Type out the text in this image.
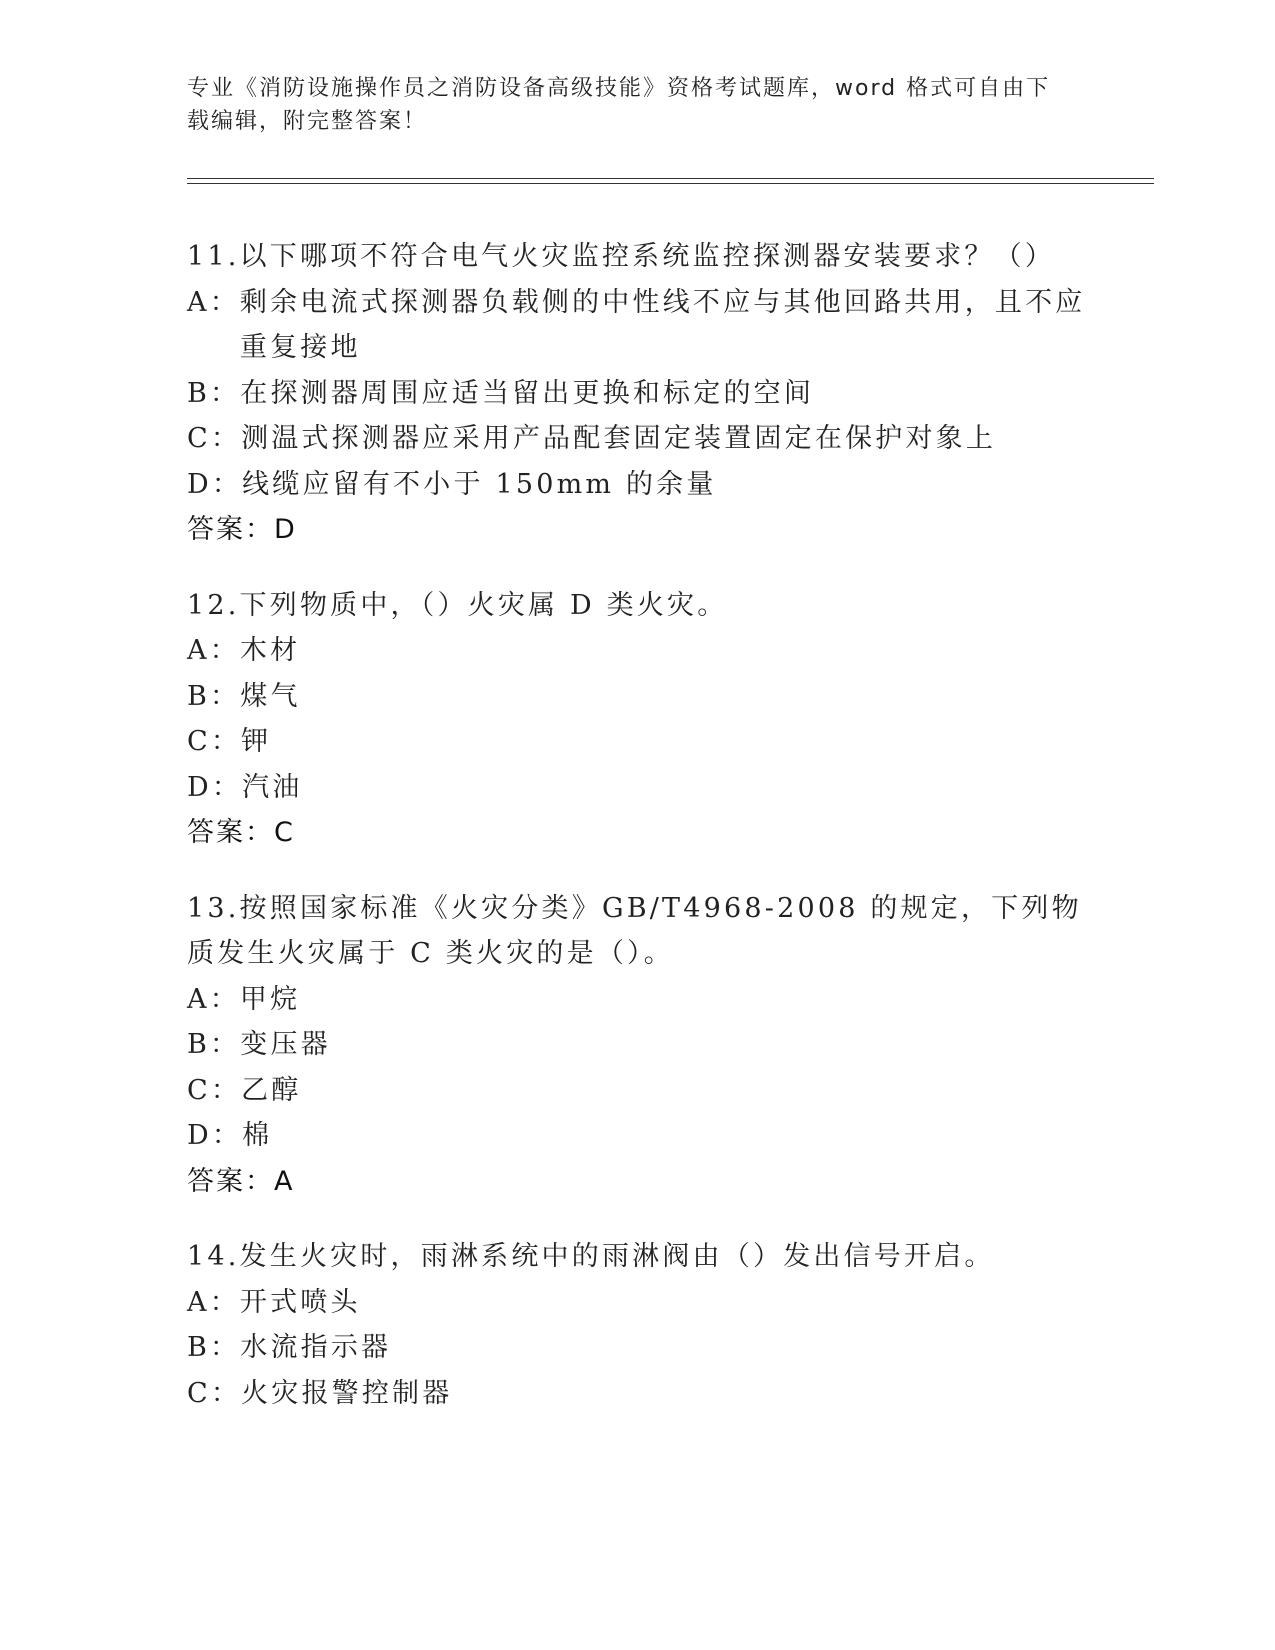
专业《消防设施操作员之消防设备高级技能》资格考试题库，word 格式可自由下载编辑，附完整答案！
11.以下哪项不符合电气火灾监控系统监控探测器安装要求？（）
A： 剩余电流式探测器负载侧的中性线不应与其他回路共用，且不应重复接地
B： 在探测器周围应适当留出更换和标定的空间
C： 测温式探测器应采用产品配套固定装置固定在保护对象上
D： 线缆应留有不小于 150mm 的余量
答案：D
12.下列物质中，（）火灾属 D 类火灾。
A： 木材
B： 煤气
C： 钾
D： 汽油
答案：C
13.按照国家标准《火灾分类》GB/T4968-2008 的规定，下列物质发生火灾属于 C 类火灾的是（）。
A： 甲烷
B： 变压器
C： 乙醇
D： 棉
答案：A
14.发生火灾时，雨淋系统中的雨淋阀由（）发出信号开启。
A： 开式喷头
B： 水流指示器
C： 火灾报警控制器
